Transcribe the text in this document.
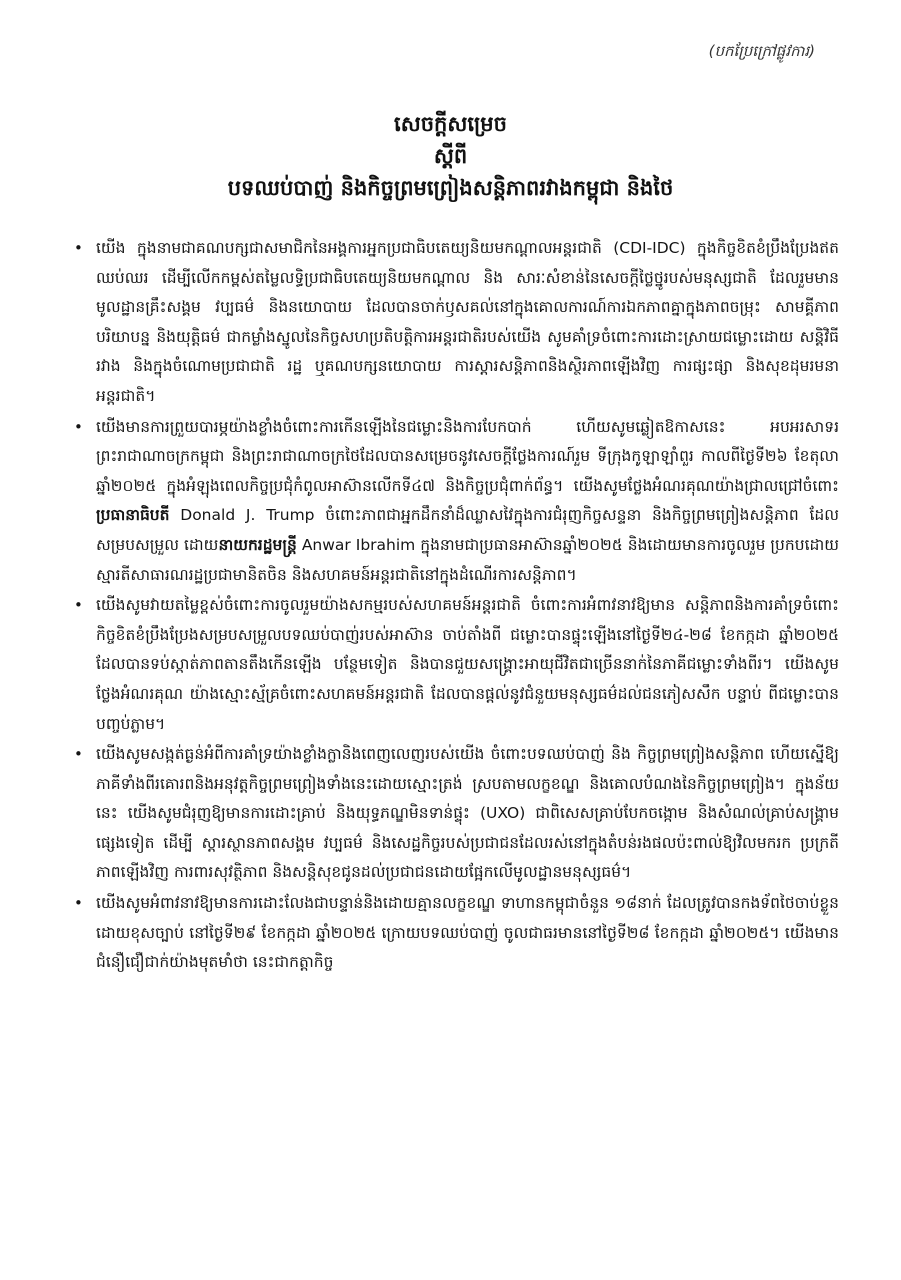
(បកប្រែក្រៅផ្លូវការ)
សេចក្តីសម្រេច
ស្តីពី
បទឈប់បាញ់ និងកិច្ចព្រមព្រៀងសន្តិភាពរវាងកម្ពុជា និងថៃ
• យើង ក្នុងនាមជាគណបក្សជាសមាជិកនៃអង្គការអ្នកប្រជាធិបតេយ្យនិយមកណ្តាលអន្តរជាតិ (CDI-IDC) ក្នុងកិច្ចខិតខំប្រឹងប្រែងឥតឈប់ឈរ ដើម្បីលើកកម្ពស់តម្លៃលទ្ធិប្រជាធិបតេយ្យនិយមកណ្តាល និង សារៈសំខាន់នៃសេចក្តីថ្លៃថ្នូរបស់មនុស្សជាតិ ដែលរួមមានមូលដ្ឋានគ្រឹះសង្គម វប្បធម៌ និងនយោបាយ ដែលបានចាក់ឫសគល់នៅក្នុងគោលការណ៍ការឯកភាពគ្នាក្នុងភាពចម្រុះ សាមគ្គីភាព បរិយាបន្ន និងយុត្តិធម៌ ជាកម្លាំងស្នូលនៃកិច្ចសហប្រតិបត្តិការអន្តរជាតិរបស់យើង សូមគាំទ្រចំពោះការដោះស្រាយជម្លោះដោយ សន្តិវិធីរវាង និងក្នុងចំណោមប្រជាជាតិ រដ្ឋ ឬគណបក្សនយោបាយ ការស្តារសន្តិភាពនិងស្ថិរភាពឡើងវិញ ការផ្សះផ្សា និងសុខដុមរមនាអន្តរជាតិ។
• យើងមានការព្រួយបារម្ភយ៉ាងខ្លាំងចំពោះការកើនឡើងនៃជម្លោះនិងការបែកបាក់ ហើយសូមឆ្លៀតឱកាសនេះ អបអរសាទរព្រះរាជាណាចក្រកម្ពុជា និងព្រះរាជាណាចក្រថៃដែលបានសម្រេចនូវសេចក្តីថ្លែងការណ៍រួម ទីក្រុងកូឡាឡាំពួរ កាលពីថ្ងៃទី២៦ ខែតុលា ឆ្នាំ២០២៥ ក្នុងអំឡុងពេលកិច្ចប្រជុំកំពូលអាស៊ានលើកទី៤៧ និងកិច្ចប្រជុំពាក់ព័ន្ធ។ យើងសូមថ្លែងអំណរគុណយ៉ាងជ្រាលជ្រៅចំពោះប្រធានាធិបតី Donald J. Trump ចំពោះភាពជាអ្នកដឹកនាំដ៏ឈ្លាសវៃក្នុងការជំរុញកិច្ចសន្ទនា និងកិច្ចព្រមព្រៀងសន្តិភាព ដែលសម្របសម្រួល ដោយនាយករដ្ឋមន្ត្រី Anwar Ibrahim ក្នុងនាមជាប្រធានអាស៊ានឆ្នាំ២០២៥ និងដោយមានការចូលរួម ប្រកបដោយស្មារតីសាធារណរដ្ឋប្រជាមានិតចិន និងសហគមន៍អន្តរជាតិនៅក្នុងដំណើរការសន្តិភាព។
• យើងសូមវាយតម្លៃខ្ពស់ចំពោះការចូលរួមយ៉ាងសកម្មរបស់សហគមន៍អន្តរជាតិ ចំពោះការអំពាវនាវឱ្យមាន សន្តិភាពនិងការគាំទ្រចំពោះកិច្ចខិតខំប្រឹងប្រែងសម្របសម្រួលបទឈប់បាញ់របស់អាស៊ាន ចាប់តាំងពី ជម្លោះបានផ្ទុះឡើងនៅថ្ងៃទី២៤-២៨ ខែកក្កដា ឆ្នាំ២០២៥ ដែលបានទប់ស្កាត់ភាពតានតឹងកើនឡើង បន្ថែមទៀត និងបានជួយសង្គ្រោះអាយុជីវិតជាច្រើននាក់នៃភាគីជម្លោះទាំងពីរ។ យើងសូមថ្លែងអំណរគុណ យ៉ាងស្មោះស្ម័គ្រចំពោះសហគមន៍អន្តរជាតិ ដែលបានផ្តល់នូវជំនួយមនុស្សធម៌ដល់ជនភៀសសឹក បន្ទាប់ ពីជម្លោះបានបញ្ចប់ភ្លាម។
• យើងសូមសង្កត់ធ្ងន់អំពីការគាំទ្រយ៉ាងខ្លាំងក្លានិងពេញលេញរបស់យើង ចំពោះបទឈប់បាញ់ និង កិច្ចព្រមព្រៀងសន្តិភាព ហើយស្នើឱ្យភាគីទាំងពីរគោរពនិងអនុវត្តកិច្ចព្រមព្រៀងទាំងនេះដោយស្មោះត្រង់ ស្របតាមលក្ខខណ្ឌ និងគោលបំណងនៃកិច្ចព្រមព្រៀង។ ក្នុងន័យនេះ យើងសូមជំរុញឱ្យមានការដោះគ្រាប់ និងយុទ្ធភណ្ឌមិនទាន់ផ្ទុះ (UXO) ជាពិសេសគ្រាប់បែកចង្កោម និងសំណល់គ្រាប់សង្គ្រាមផ្សេងទៀត ដើម្បី ស្តារស្ថានភាពសង្គម វប្បធម៌ និងសេដ្ឋកិច្ចរបស់ប្រជាជនដែលរស់នៅក្នុងតំបន់រងផលប៉ះពាល់ឱ្យវិលមករក ប្រក្រតីភាពឡើងវិញ ការពារសុវត្ថិភាព និងសន្តិសុខជូនដល់ប្រជាជនដោយផ្អែកលើមូលដ្ឋានមនុស្សធម៌។
• យើងសូមអំពាវនាវឱ្យមានការដោះលែងជាបន្ទាន់និងដោយគ្មានលក្ខខណ្ឌ ទាហានកម្ពុជាចំនួន ១៨នាក់ ដែលត្រូវបានកងទ័ពថៃចាប់ខ្លួនដោយខុសច្បាប់ នៅថ្ងៃទី២៩ ខែកក្កដា ឆ្នាំ២០២៥ ក្រោយបទឈប់បាញ់ ចូលជាធរមាននៅថ្ងៃទី២៨ ខែកក្កដា ឆ្នាំ២០២៥។ យើងមានជំនឿជឿជាក់យ៉ាងមុតមាំថា នេះជាកត្តាកិច្ច
